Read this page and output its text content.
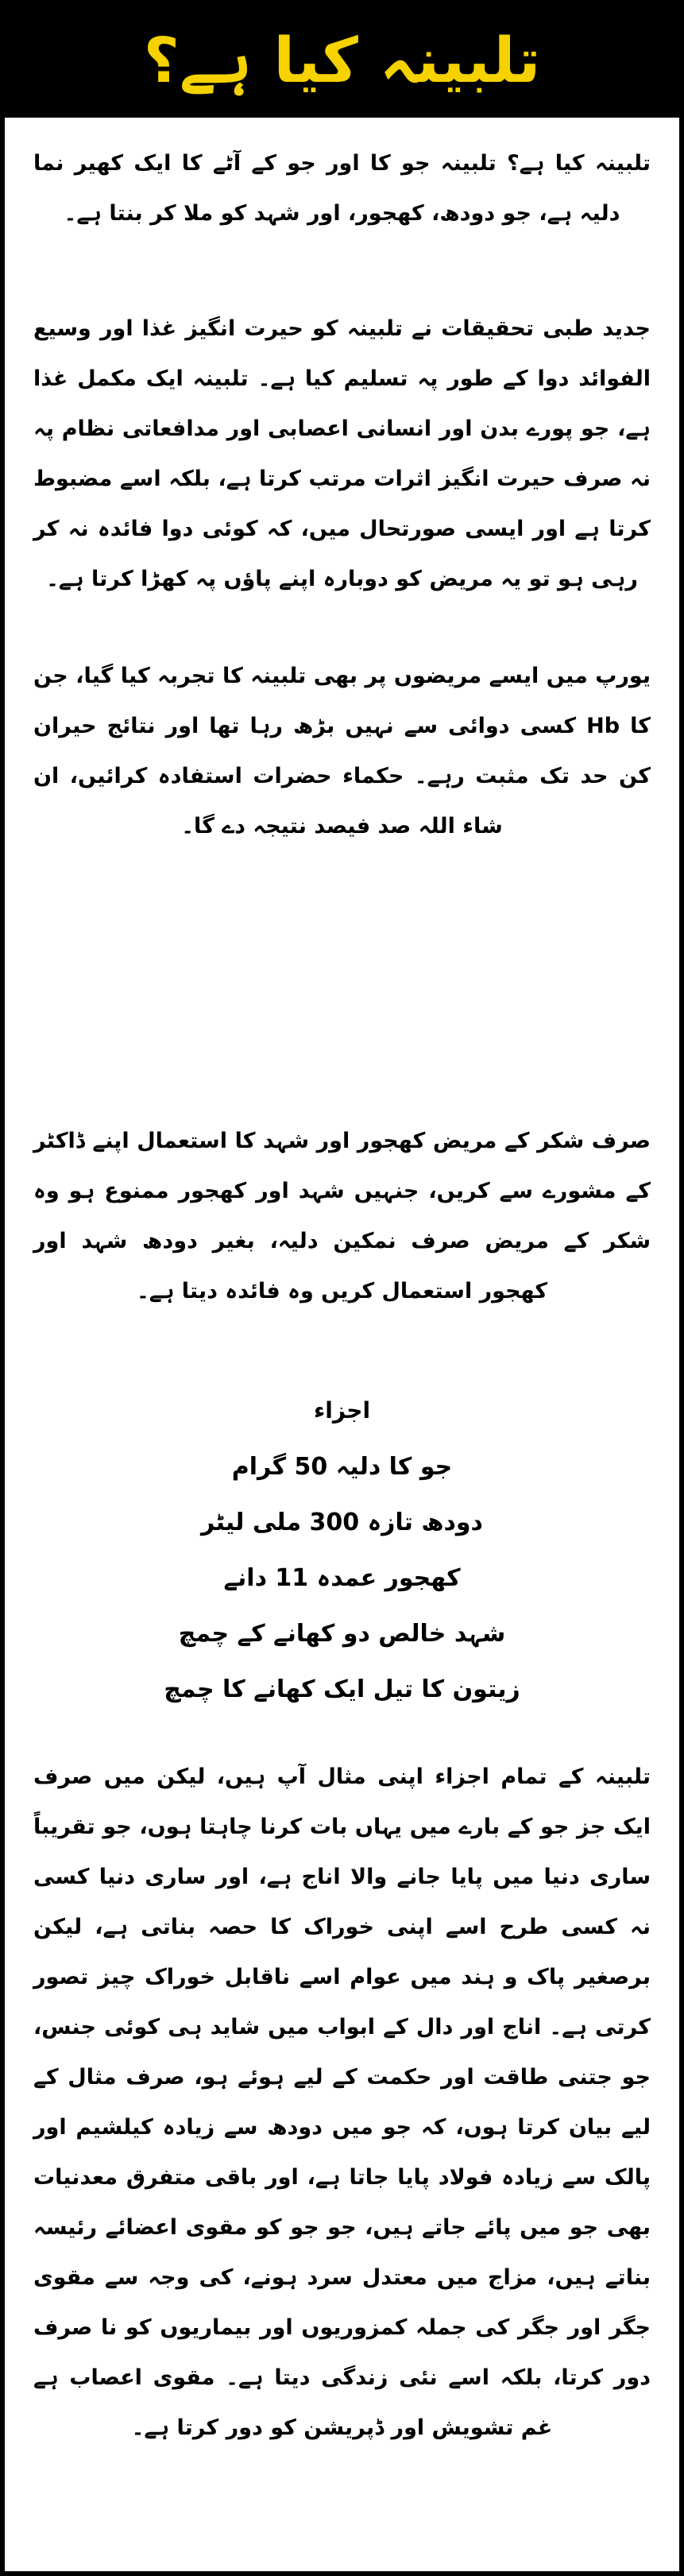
تلبینہ کیا ہے؟

تلبینہ کیا ہے؟ تلبینہ جو کا اور جو کے آٹے کا ایک کھیر نما دلیہ ہے، جو دودھ، کھجور، اور شہد کو ملا کر بنتا ہے۔

جدید طبی تحقیقات نے تلبینہ کو حیرت انگیز غذا اور وسیع الفوائد دوا کے طور پہ تسلیم کیا ہے۔ تلبینہ ایک مکمل غذا ہے، جو پورے بدن اور انسانی اعصابی اور مدافعاتی نظام پہ نہ صرف حیرت انگیز اثرات مرتب کرتا ہے، بلکہ اسے مضبوط کرتا ہے اور ایسی صورتحال میں، کہ کوئی دوا فائدہ نہ کر رہی ہو تو یہ مریض کو دوبارہ اپنے پاؤں پہ کھڑا کرتا ہے۔

یورپ میں ایسے مریضوں پر بھی تلبینہ کا تجربہ کیا گیا، جن کا Hb کسی دوائی سے نہیں بڑھ رہا تھا اور نتائج حیران کن حد تک مثبت رہے۔ حکماء حضرات استفادہ کرائیں، ان شاء اللہ صد فیصد نتیجہ دے گا۔

صرف شکر کے مریض کھجور اور شہد کا استعمال اپنے ڈاکٹر کے مشورے سے کریں، جنہیں شہد اور کھجور ممنوع ہو وہ شکر کے مریض صرف نمکین دلیہ، بغیر دودھ شہد اور کھجور استعمال کریں وہ فائدہ دیتا ہے۔

اجزاء
جو کا دلیہ 50 گرام
دودھ تازہ 300 ملی لیٹر
کھجور عمدہ 11 دانے
شہد خالص دو کھانے کے چمچ
زیتون کا تیل ایک کھانے کا چمچ

تلبینہ کے تمام اجزاء اپنی مثال آپ ہیں، لیکن میں صرف ایک جز جو کے بارے میں یہاں بات کرنا چاہتا ہوں، جو تقریباً ساری دنیا میں پایا جانے والا اناج ہے، اور ساری دنیا کسی نہ کسی طرح اسے اپنی خوراک کا حصہ بناتی ہے، لیکن برصغیر پاک و ہند میں عوام اسے ناقابل خوراک چیز تصور کرتی ہے۔ اناج اور دال کے ابواب میں شاید ہی کوئی جنس، جو جتنی طاقت اور حکمت کے لیے ہوئے ہو، صرف مثال کے لیے بیان کرتا ہوں، کہ جو میں دودھ سے زیادہ کیلشیم اور پالک سے زیادہ فولاد پایا جاتا ہے، اور باقی متفرق معدنیات بھی جو میں پائے جاتے ہیں، جو جو کو مقوی اعضائے رئیسہ بناتے ہیں، مزاج میں معتدل سرد ہونے، کی وجہ سے مقوی جگر اور جگر کی جملہ کمزوریوں اور بیماریوں کو نا صرف دور کرتا، بلکہ اسے نئی زندگی دیتا ہے۔ مقوی اعصاب ہے غم تشویش اور ڈپریشن کو دور کرتا ہے۔
